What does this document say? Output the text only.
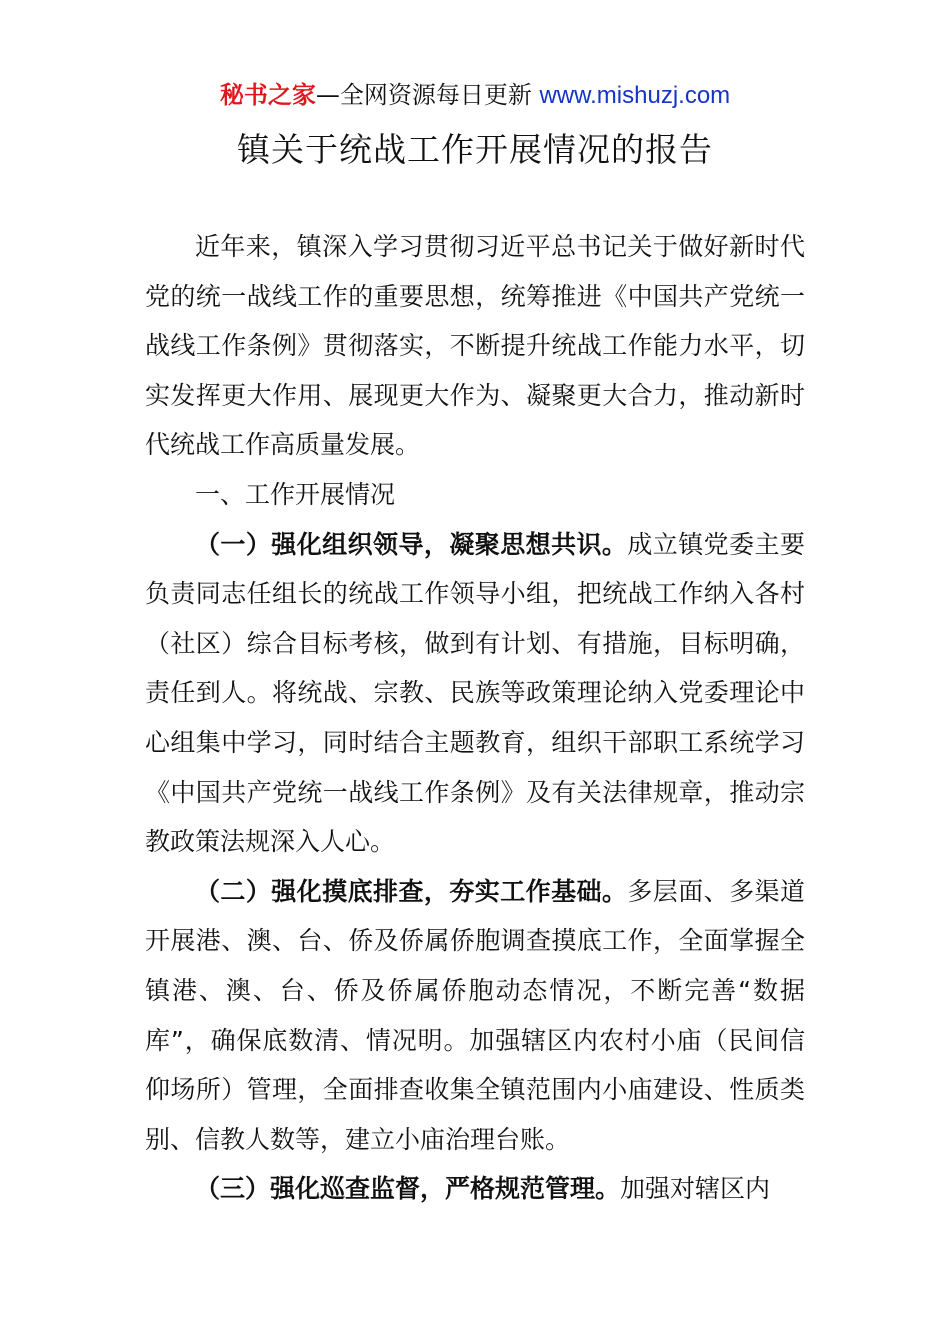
秘书之家—全网资源每日更新 www.mishuzj.com
镇关于统战工作开展情况的报告

近年来，镇深入学习贯彻习近平总书记关于做好新时代党的统一战线工作的重要思想，统筹推进《中国共产党统一战线工作条例》贯彻落实，不断提升统战工作能力水平，切实发挥更大作用、展现更大作为、凝聚更大合力，推动新时代统战工作高质量发展。

一、工作开展情况

（一）强化组织领导，凝聚思想共识。成立镇党委主要负责同志任组长的统战工作领导小组，把统战工作纳入各村（社区）综合目标考核，做到有计划、有措施，目标明确，责任到人。将统战、宗教、民族等政策理论纳入党委理论中心组集中学习，同时结合主题教育，组织干部职工系统学习《中国共产党统一战线工作条例》及有关法律规章，推动宗教政策法规深入人心。

（二）强化摸底排查，夯实工作基础。多层面、多渠道开展港、澳、台、侨及侨属侨胞调查摸底工作，全面掌握全镇港、澳、台、侨及侨属侨胞动态情况，不断完善“数据库”，确保底数清、情况明。加强辖区内农村小庙（民间信仰场所）管理，全面排查收集全镇范围内小庙建设、性质类别、信教人数等，建立小庙治理台账。

（三）强化巡查监督，严格规范管理。加强对辖区内
